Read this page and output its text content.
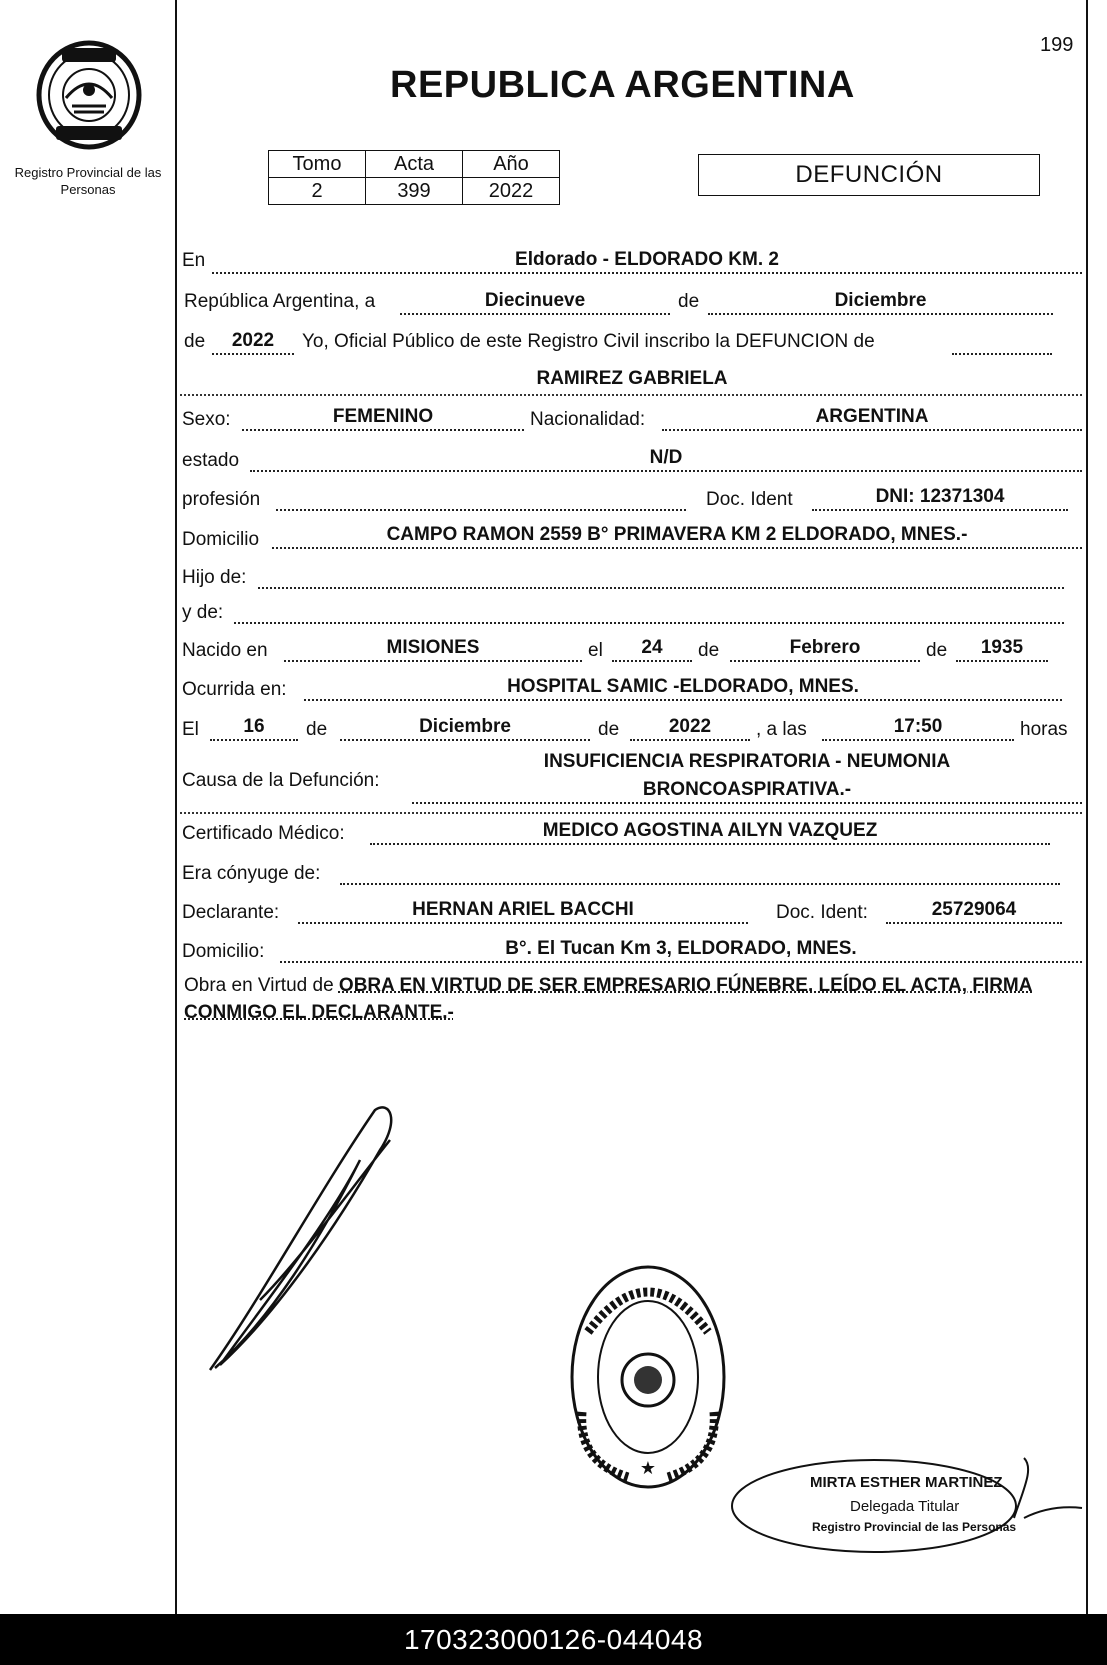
199
REPUBLICA ARGENTINA
Registro Provincial de las Personas
Tomo	Acta	Año
2	399	2022
DEFUNCIÓN
En	Eldorado - ELDORADO KM. 2
República Argentina, a	Diecinueve	de	Diciembre
de	2022	Yo, Oficial Público de este Registro Civil inscribo la DEFUNCION de
RAMIREZ GABRIELA
Sexo:	FEMENINO	Nacionalidad:	ARGENTINA
estado	N/D
profesión	Doc. Ident	DNI: 12371304
Domicilio	CAMPO RAMON 2559 B° PRIMAVERA KM 2 ELDORADO, MNES.-
Hijo de:
y de:
Nacido en	MISIONES	el	24	de	Febrero	de	1935
Ocurrida en:	HOSPITAL SAMIC -ELDORADO, MNES.
El	16	de	Diciembre	de	2022	, a las	17:50	horas
Causa de la Defunción:
INSUFICIENCIA RESPIRATORIA - NEUMONIA
BRONCOASPIRATIVA.-
Certificado Médico:	MEDICO AGOSTINA AILYN VAZQUEZ
Era cónyuge de:
Declarante:	HERNAN ARIEL BACCHI	Doc. Ident:	25729064
Domicilio:	B°. El Tucan Km 3, ELDORADO, MNES.
Obra en Virtud de OBRA EN VIRTUD DE SER EMPRESARIO FÚNEBRE. LEÍDO EL ACTA, FIRMA CONMIGO EL DECLARANTE.-
★
MIRTA ESTHER MARTINEZ
Delegada Titular
Registro Provincial de las Personas
170323000126-044048
